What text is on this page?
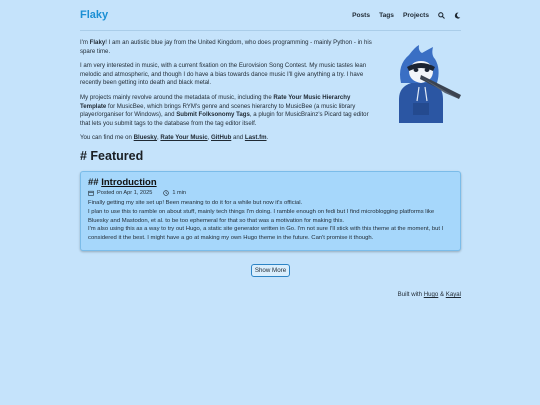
Flaky	Posts Tags Projects

I'm Flaky! I am an autistic blue jay from the United Kingdom, who does programming - mainly Python - in his spare time.

I am very interested in music, with a current fixation on the Eurovision Song Contest. My music tastes lean melodic and atmospheric, and though I do have a bias towards dance music I'll give anything a try. I have recently been getting into death and black metal.

My projects mainly revolve around the metadata of music, including the Rate Your Music Hierarchy Template for MusicBee, which brings RYM's genre and scenes hierarchy to MusicBee (a music library player/organiser for Windows), and Submit Folksonomy Tags, a plugin for MusicBrainz's Picard tag editor that lets you submit tags to the database from the tag editor itself.

You can find me on Bluesky, Rate Your Music, GitHub and Last.fm.

# Featured
## Introduction
Posted on Apr 1, 2025	1 min

Finally getting my site set up! Been meaning to do it for a while but now it's official.

I plan to use this to ramble on about stuff, mainly tech things I'm doing. I ramble enough on fedi but I find microblogging platforms like Bluesky and Mastodon, et al. to be too ephemeral for that so that was a motivation for making this.

I'm also using this as a way to try out Hugo, a static site generator written in Go. I'm not sure I'll stick with this theme at the moment, but I considered it the best. I might have a go at making my own Hugo theme in the future. Can't promise it though.

Show More
Built with Hugo & Kayal
